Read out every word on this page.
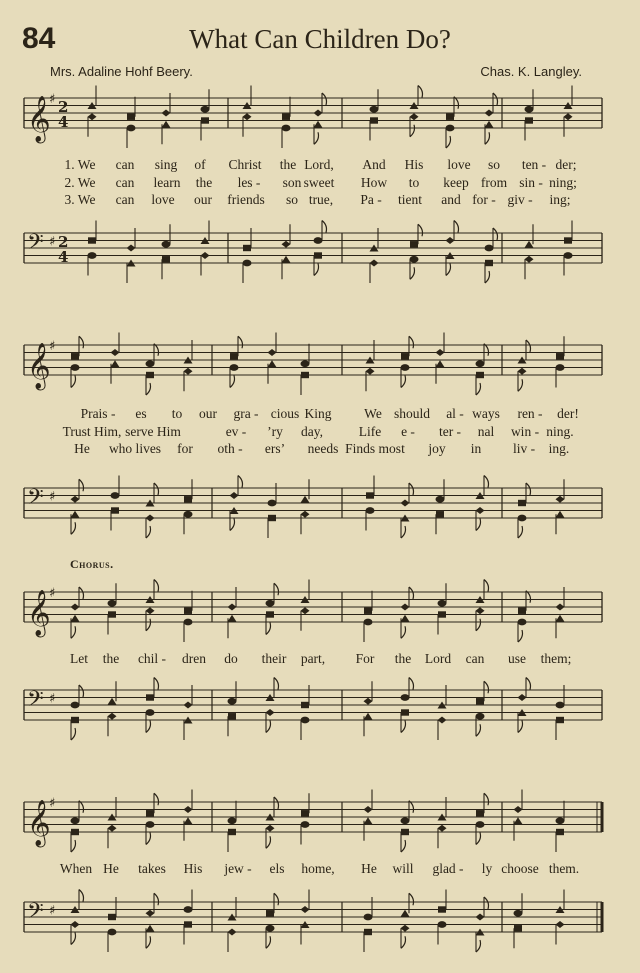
84	What Can Children Do?
Mrs. Adaline Hohf Beery.	Chas. K. Langley.
Chorus.
𝄞
♯
𝄢 ♯
2
4
2
4
𝄞
♯
𝄢 ♯
𝄞
♯
𝄢 ♯
𝄞
♯
𝄢 ♯
1. We can sing of Christ the Lord, And His love so ten - der;
2. We can learn the les - son sweet How to keep from sin - ning;
3. We can love our friends so true, Pa - tient and for - giv - ing;
Prais - es to our gra - cious King We should al - ways ren - der!
Trust Him, serve Him	ev - ’ry day,	Life e - ter - nal win - ning.
He who lives for oth - ers’ needs Finds most joy in liv - ing.
Let the chil - dren do their part, For the Lord can use them;
When He takes His jew - els home, He will glad - ly choose them.
